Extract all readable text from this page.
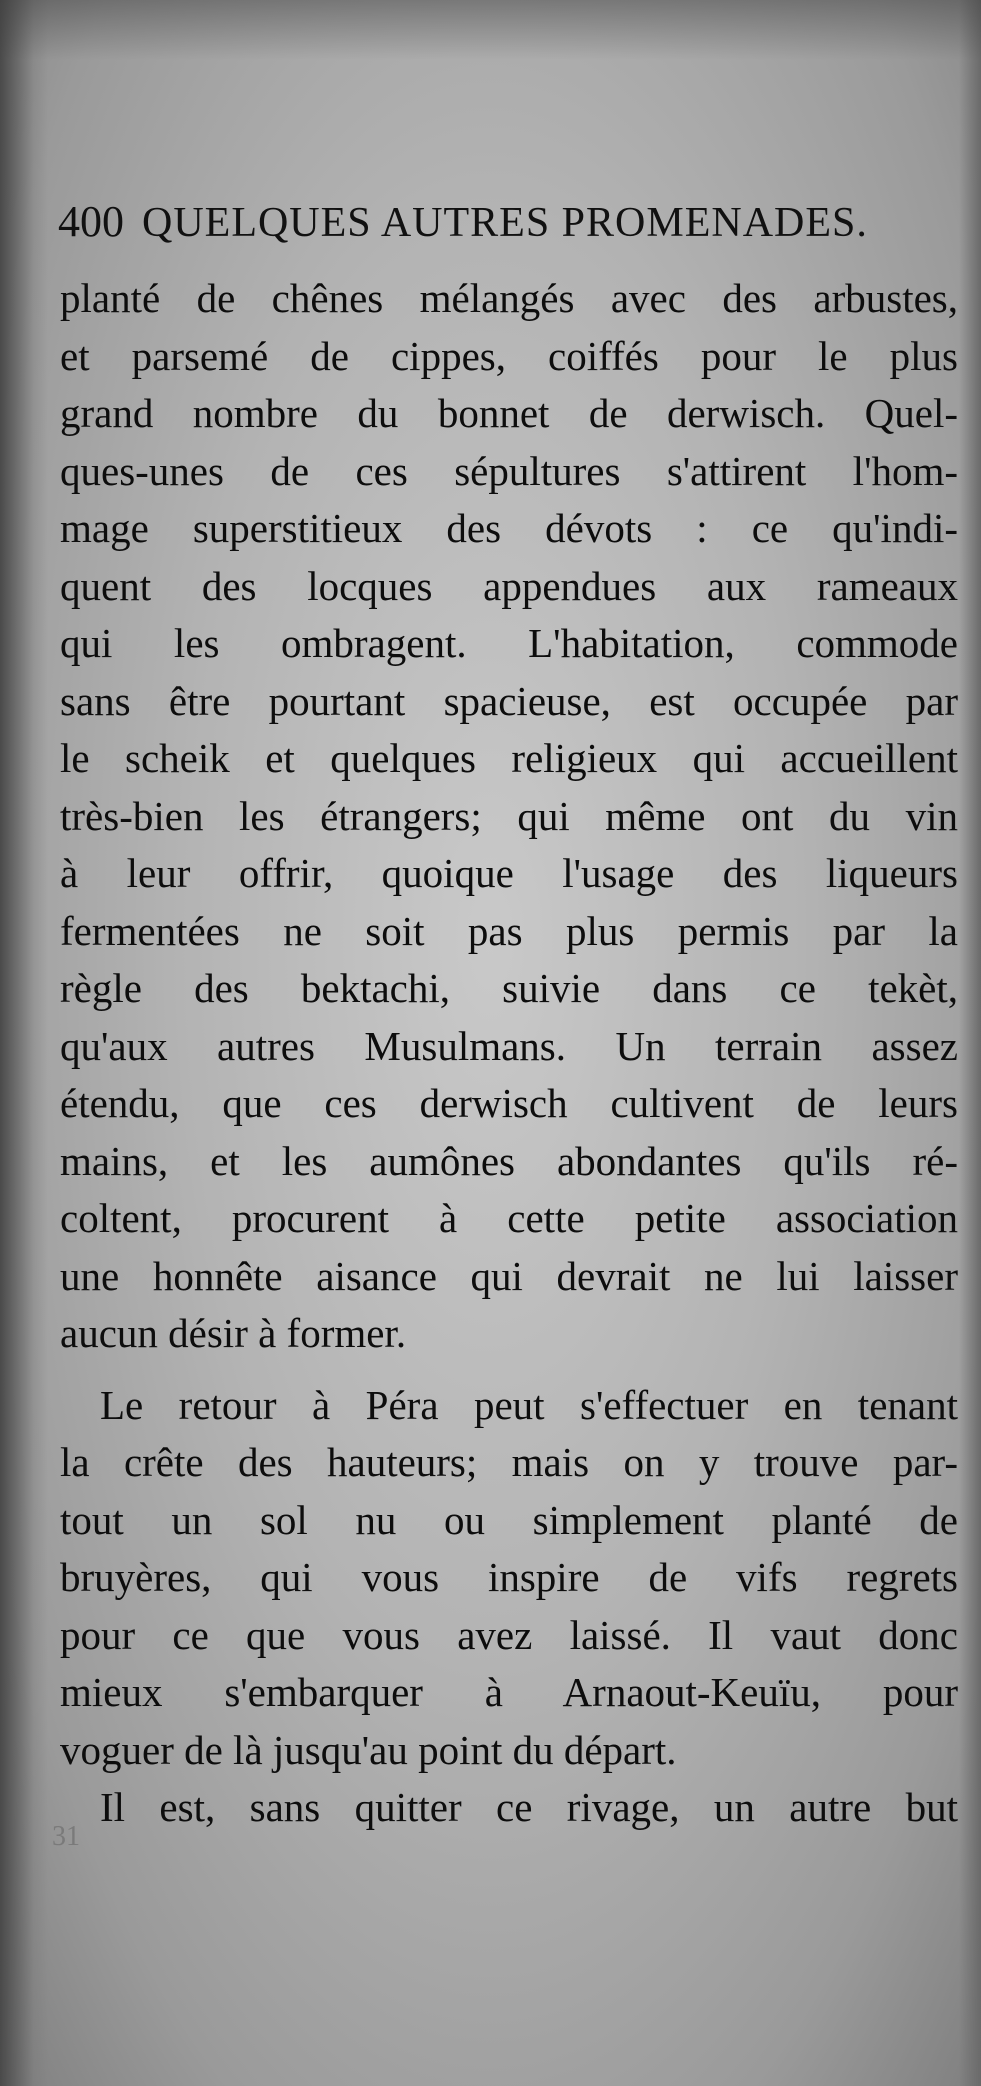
400 QUELQUES AUTRES PROMENADES.
planté de chênes mélangés avec des arbustes,
et parsemé de cippes, coiffés pour le plus
grand nombre du bonnet de derwisch. Quel-
ques-unes de ces sépultures s'attirent l'hom-
mage superstitieux des dévots : ce qu'indi-
quent des locques appendues aux rameaux
qui les ombragent. L'habitation, commode
sans être pourtant spacieuse, est occupée par
le scheik et quelques religieux qui accueillent
très-bien les étrangers; qui même ont du vin
à leur offrir, quoique l'usage des liqueurs
fermentées ne soit pas plus permis par la
règle des bektachi, suivie dans ce tekèt,
qu'aux autres Musulmans. Un terrain assez
étendu, que ces derwisch cultivent de leurs
mains, et les aumônes abondantes qu'ils ré-
coltent, procurent à cette petite association
une honnête aisance qui devrait ne lui laisser
aucun désir à former.
Le retour à Péra peut s'effectuer en tenant
la crête des hauteurs; mais on y trouve par-
tout un sol nu ou simplement planté de
bruyères, qui vous inspire de vifs regrets
pour ce que vous avez laissé. Il vaut donc
mieux s'embarquer à Arnaout-Keuïu, pour
voguer de là jusqu'au point du départ.
Il est, sans quitter ce rivage, un autre but
31
